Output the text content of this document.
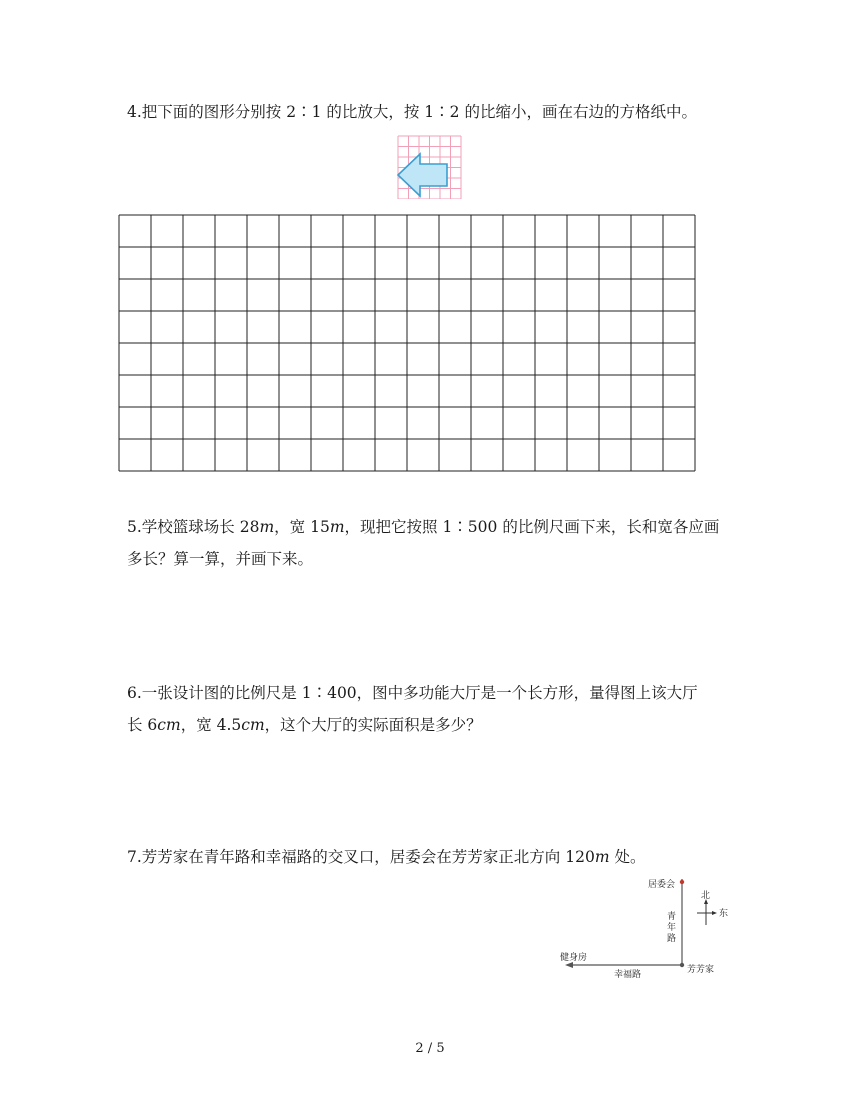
4.把下面的图形分别按 2∶1 的比放大，按 1∶2 的比缩小，画在右边的方格纸中。
5.学校篮球场长 28m，宽 15m，现把它按照 1∶500 的比例尺画下来，长和宽各应画
多长？算一算，并画下来。
6.一张设计图的比例尺是 1∶400，图中多功能大厅是一个长方形，量得图上该大厅
长 6cm，宽 4.5cm，这个大厅的实际面积是多少？
7.芳芳家在青年路和幸福路的交叉口，居委会在芳芳家正北方向 120m 处。
居委会
青
年
路
健身房
幸福路	芳芳家
北
东
2 / 5
